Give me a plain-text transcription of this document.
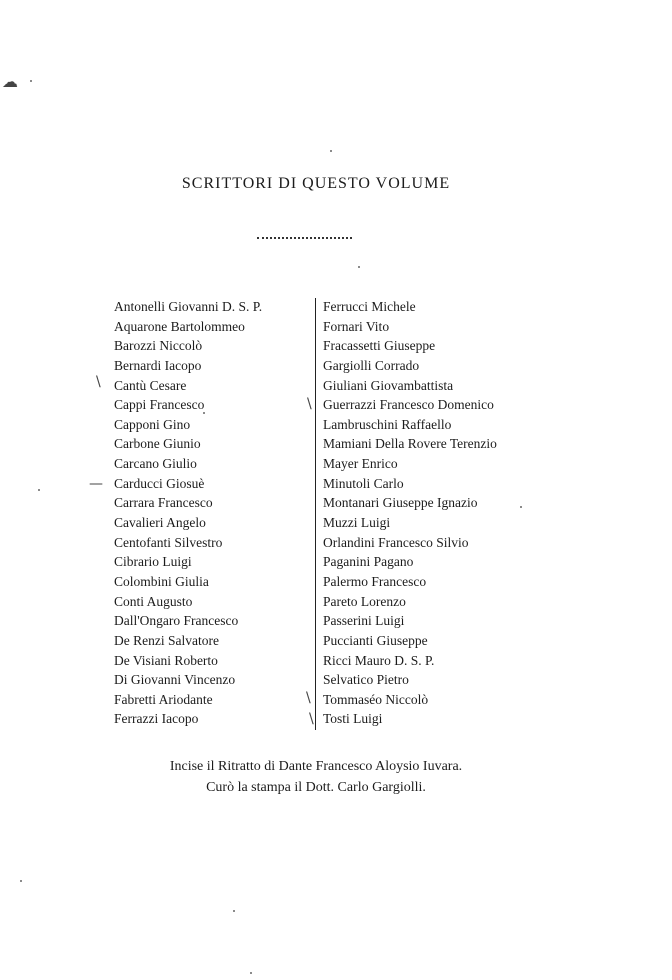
☁
SCRITTORI DI QUESTO VOLUME
Antonelli Giovanni D. S. P.
Aquarone Bartolommeo
Barozzi Niccolò
Bernardi Iacopo
Cantù Cesare
Cappi Francesco
Capponi Gino
Carbone Giunio
Carcano Giulio
Carducci Giosuè
Carrara Francesco
Cavalieri Angelo
Centofanti Silvestro
Cibrario Luigi
Colombini Giulia
Conti Augusto
Dall'Ongaro Francesco
De Renzi Salvatore
De Visiani Roberto
Di Giovanni Vincenzo
Fabretti Ariodante
Ferrazzi Iacopo
Ferrucci Michele
Fornari Vito
Fracassetti Giuseppe
Gargiolli Corrado
Giuliani Giovambattista
Guerrazzi Francesco Domenico
Lambruschini Raffaello
Mamiani Della Rovere Terenzio
Mayer Enrico
Minutoli Carlo
Montanari Giuseppe Ignazio
Muzzi Luigi
Orlandini Francesco Silvio
Paganini Pagano
Palermo Francesco
Pareto Lorenzo
Passerini Luigi
Puccianti Giuseppe
Ricci Mauro D. S. P.
Selvatico Pietro
Tommaséo Niccolò
Tosti Luigi
\
—
\
\
\
Incise il Ritratto di Dante Francesco Aloysio Iuvara.
Curò la stampa il Dott. Carlo Gargiolli.
